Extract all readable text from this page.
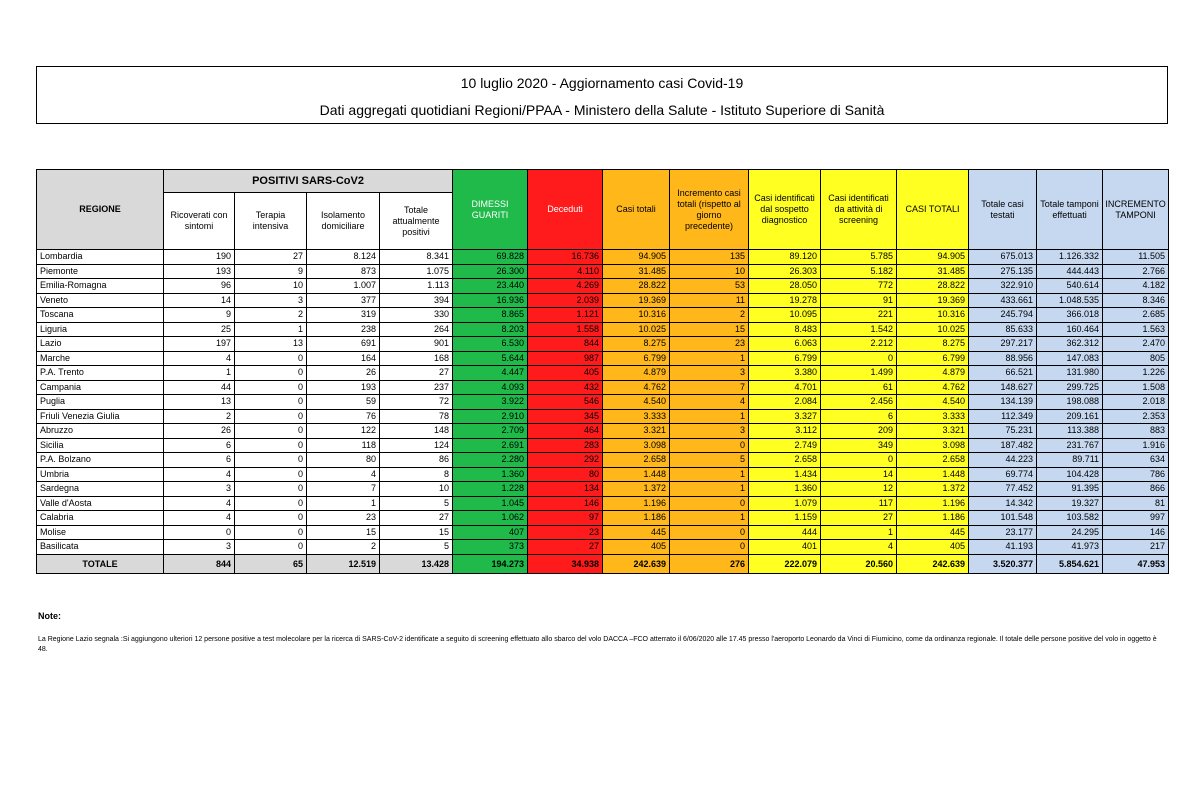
10 luglio 2020 - Aggiornamento casi Covid-19
Dati aggregati quotidiani Regioni/PPAA - Ministero della Salute - Istituto Superiore di Sanità
REGIONE	POSITIVI SARS-CoV2				DIMESSI GUARITI	Deceduti	Casi totali	Incremento casi totali (rispetto al giorno precedente)	Casi identificati dal sospetto diagnostico	Casi identificati da attività di screening	CASI TOTALI	Totale casi testati	Totale tamponi effettuati	INCREMENTO TAMPONI
	Ricoverati con sintomi	Terapia intensiva	Isolamento domiciliare	Totale attualmente positivi										
Lombardia	190	27	8.124	8.341	69.828	16.736	94.905	135	89.120	5.785	94.905	675.013	1.126.332	11.505
Piemonte	193	9	873	1.075	26.300	4.110	31.485	10	26.303	5.182	31.485	275.135	444.443	2.766
Emilia-Romagna	96	10	1.007	1.113	23.440	4.269	28.822	53	28.050	772	28.822	322.910	540.614	4.182
Veneto	14	3	377	394	16.936	2.039	19.369	11	19.278	91	19.369	433.661	1.048.535	8.346
Toscana	9	2	319	330	8.865	1.121	10.316	2	10.095	221	10.316	245.794	366.018	2.685
Liguria	25	1	238	264	8.203	1.558	10.025	15	8.483	1.542	10.025	85.633	160.464	1.563
Lazio	197	13	691	901	6.530	844	8.275	23	6.063	2.212	8.275	297.217	362.312	2.470
Marche	4	0	164	168	5.644	987	6.799	1	6.799	0	6.799	88.956	147.083	805
P.A. Trento	1	0	26	27	4.447	405	4.879	3	3.380	1.499	4.879	66.521	131.980	1.226
Campania	44	0	193	237	4.093	432	4.762	7	4.701	61	4.762	148.627	299.725	1.508
Puglia	13	0	59	72	3.922	546	4.540	4	2.084	2.456	4.540	134.139	198.088	2.018
Friuli Venezia Giulia	2	0	76	78	2.910	345	3.333	1	3.327	6	3.333	112.349	209.161	2.353
Abruzzo	26	0	122	148	2.709	464	3.321	3	3.112	209	3.321	75.231	113.388	883
Sicilia	6	0	118	124	2.691	283	3.098	0	2.749	349	3.098	187.482	231.767	1.916
P.A. Bolzano	6	0	80	86	2.280	292	2.658	5	2.658	0	2.658	44.223	89.711	634
Umbria	4	0	4	8	1.360	80	1.448	1	1.434	14	1.448	69.774	104.428	786
Sardegna	3	0	7	10	1.228	134	1.372	1	1.360	12	1.372	77.452	91.395	866
Valle d'Aosta	4	0	1	5	1.045	146	1.196	0	1.079	117	1.196	14.342	19.327	81
Calabria	4	0	23	27	1.062	97	1.186	1	1.159	27	1.186	101.548	103.582	997
Molise	0	0	15	15	407	23	445	0	444	1	445	23.177	24.295	146
Basilicata	3	0	2	5	373	27	405	0	401	4	405	41.193	41.973	217
TOTALE	844	65	12.519	13.428	194.273	34.938	242.639	276	222.079	20.560	242.639	3.520.377	5.854.621	47.953
Note:
La Regione Lazio segnala :Si aggiungono ulteriori 12 persone positive a test molecolare per la ricerca di SARS-CoV-2 identificate a seguito di screening effettuato allo sbarco del volo DACCA –FCO atterrato il 6/06/2020 alle 17.45 presso l'aeroporto Leonardo da Vinci di Fiumicino, come da ordinanza regionale. Il totale delle persone positive del volo in oggetto è 48.
